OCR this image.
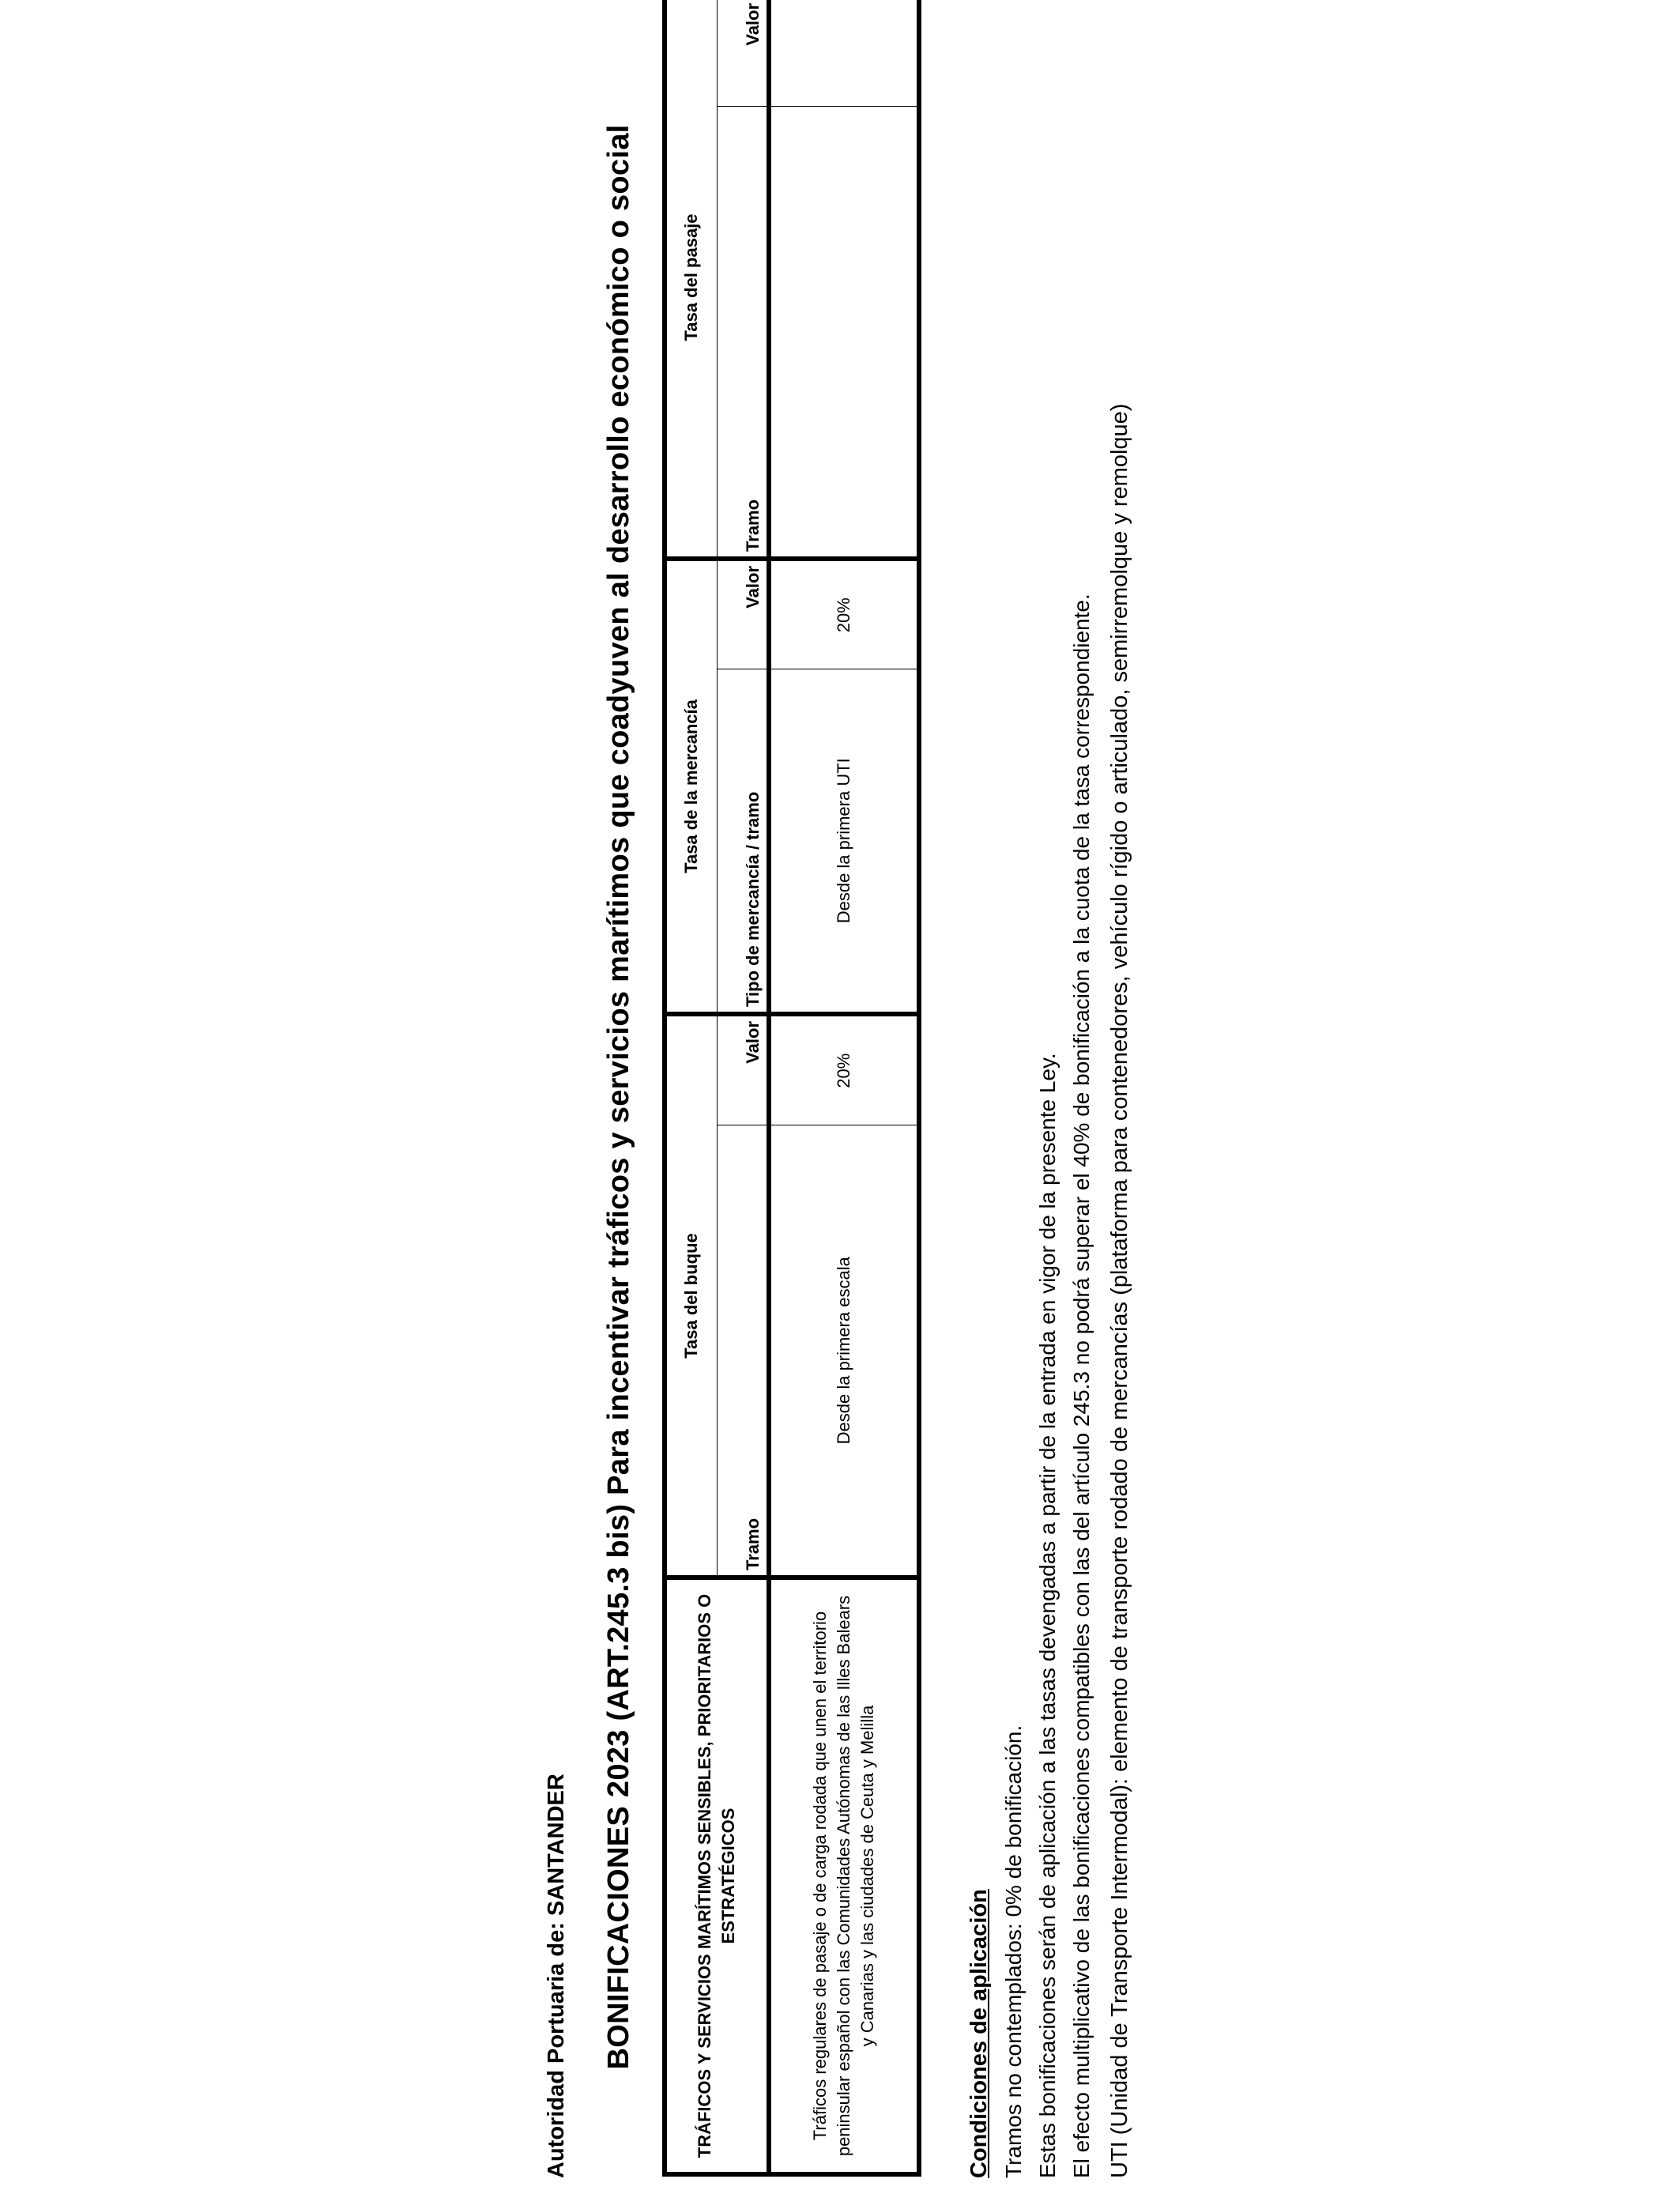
Autoridad Portuaria de: SANTANDER BONIFICACIONES 2023 (ART.245.3 bis) Para incentivar tráficos y servicios marítimos que coadyuven al desarrollo económico o social	TRÁFICOS Y SERVICIOS MARÍTIMOS SENSIBLES, PRIORITARIOS O ESTRATÉGICOS	Tasa del buque		Tasa de la mercancía		Tasa del pasaje	
	Tramo	Valor	Tipo de mercancía / tramo	Valor	Tramo	Valor
Tráficos regulares de pasaje o de carga rodada que unen el territorio peninsular español con las Comunidades Autónomas de las Illes Balears y Canarias y las ciudades de Ceuta y Melilla	Desde la primera escala	20%	Desde la primera UTI	20%		
Condiciones de aplicación Tramos no contemplados: 0% de bonificación. Estas bonificaciones serán de aplicación a las tasas devengadas a partir de la entrada en vigor de la presente Ley. El efecto multiplicativo de las bonificaciones compatibles con las del artículo 245.3 no podrá superar el 40% de bonificación a la cuota de la tasa correspondiente. UTI (Unidad de Transporte Intermodal): elemento de transporte rodado de mercancías (plataforma para contenedores, vehículo rígido o articulado, semirremolque y remolque)
